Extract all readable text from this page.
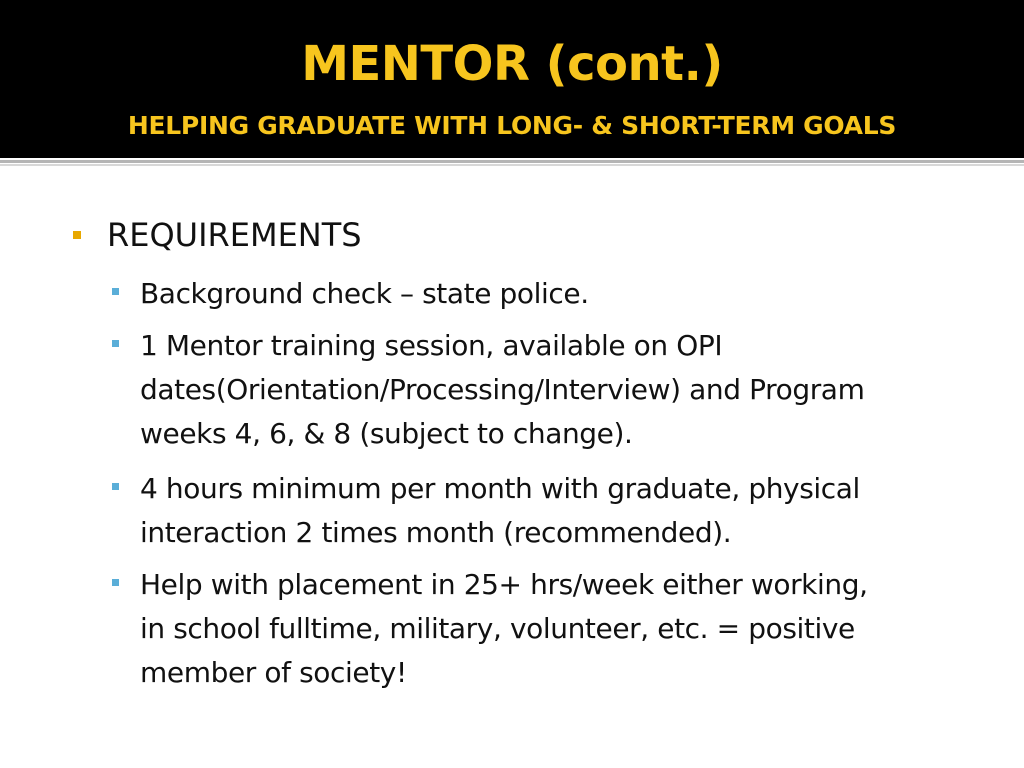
MENTOR (cont.)
HELPING GRADUATE WITH LONG- & SHORT-TERM GOALS
REQUIREMENTS
Background check – state police.
1 Mentor training session, available on OPI
dates(Orientation/Processing/Interview) and Program
weeks 4, 6, & 8 (subject to change).
4 hours minimum per month with graduate, physical
interaction 2 times month (recommended).
Help with placement in 25+ hrs/week either working,
in school fulltime, military, volunteer, etc. = positive
member of society!
